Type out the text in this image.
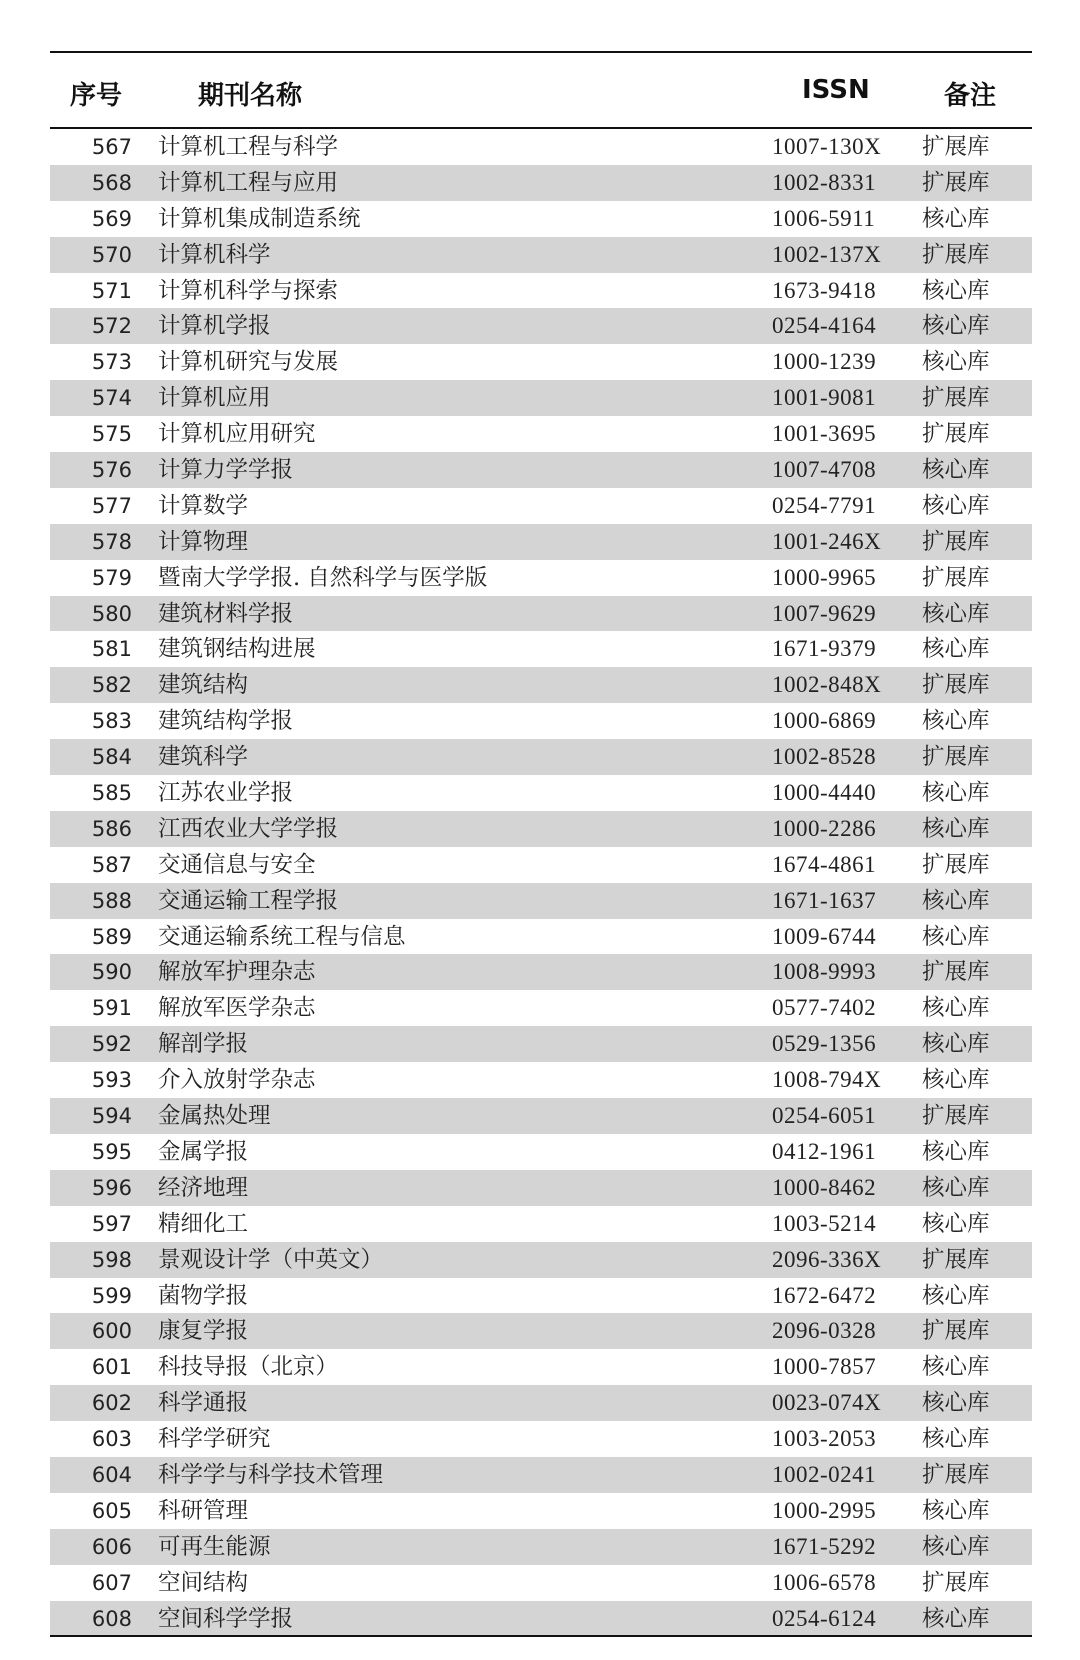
序号	期刊名称	ISSN	备注
567 计算机工程与科学	1007-130X	扩展库
568 计算机工程与应用	1002-8331	扩展库
569 计算机集成制造系统	1006-5911	核心库
570 计算机科学	1002-137X	扩展库
571 计算机科学与探索	1673-9418	核心库
572 计算机学报	0254-4164	核心库
573 计算机研究与发展	1000-1239	核心库
574 计算机应用	1001-9081	扩展库
575 计算机应用研究	1001-3695	扩展库
576 计算力学学报	1007-4708	核心库
577 计算数学	0254-7791	核心库
578 计算物理	1001-246X	扩展库
579 暨南大学学报. 自然科学与医学版	1000-9965	扩展库
580 建筑材料学报	1007-9629	核心库
581 建筑钢结构进展	1671-9379	核心库
582 建筑结构	1002-848X	扩展库
583 建筑结构学报	1000-6869	核心库
584 建筑科学	1002-8528	扩展库
585 江苏农业学报	1000-4440	核心库
586 江西农业大学学报	1000-2286	核心库
587 交通信息与安全	1674-4861	扩展库
588 交通运输工程学报	1671-1637	核心库
589 交通运输系统工程与信息	1009-6744	核心库
590 解放军护理杂志	1008-9993	扩展库
591 解放军医学杂志	0577-7402	核心库
592 解剖学报	0529-1356	核心库
593 介入放射学杂志	1008-794X	核心库
594 金属热处理	0254-6051	扩展库
595 金属学报	0412-1961	核心库
596 经济地理	1000-8462	核心库
597 精细化工	1003-5214	核心库
598 景观设计学（中英文）	2096-336X	扩展库
599 菌物学报	1672-6472	核心库
600 康复学报	2096-0328	扩展库
601 科技导报（北京）	1000-7857	核心库
602 科学通报	0023-074X	核心库
603 科学学研究	1003-2053	核心库
604 科学学与科学技术管理	1002-0241	扩展库
605 科研管理	1000-2995	核心库
606 可再生能源	1671-5292	核心库
607 空间结构	1006-6578	扩展库
608 空间科学学报	0254-6124	核心库
